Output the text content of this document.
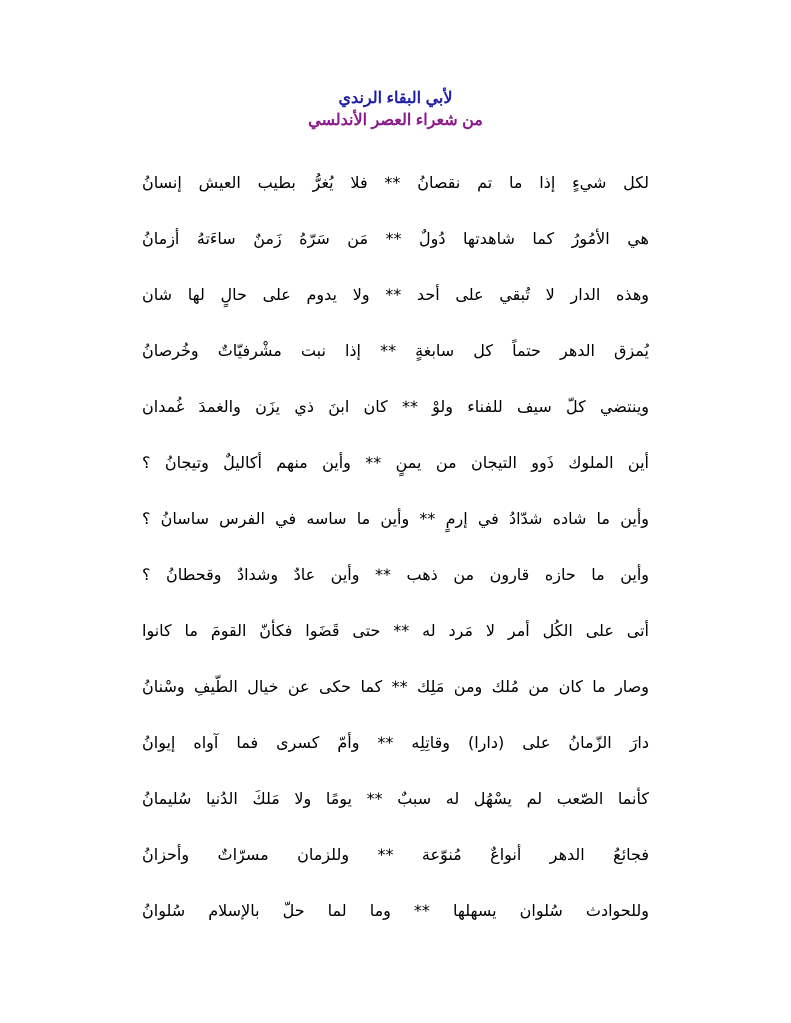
لأبي البقاء الرندي

من شعراء العصر الأندلسي

لكل شيءٍ إذا ما تم نقصانُ ** فلا يُغرُّ بطيب العيش إنسانُ

هي الأمُورُ كما شاهدتها دُولٌ ** مَن سَرّهُ زَمنٌ ساءَتهُ أزمانُ

وهذه الدار لا تُبقي على أحد ** ولا يدوم على حالٍ لها شان

يُمزق الدهر حتماً كل سابغةٍ ** إذا نبت مشْرفيّاتٌ وخُرصانُ

وينتضي كلّ سيف للفناء ولوْ ** كان ابنَ ذي يزَن والغمدَ غُمدان

أين الملوك ذَوو التيجان من يمنٍ ** وأين منهم أكاليلٌ وتيجانُ ؟

وأين ما شاده شدّادُ في إرمٍ ** وأين ما ساسه في الفرس ساسانُ ؟

وأين ما حازه قارون من ذهب ** وأين عادٌ وشدادٌ وقحطانُ ؟

أتى على الكُل أمر لا مَرد له ** حتى قَضَوا فكأنّ القومَ ما كانوا

وصار ما كان من مُلك ومن مَلِك ** كما حكى عن خيال الطّيفِ وسْنانُ

دارَ الزّمانُ على (دارا) وقاتِلِه ** وأمّ كسرى فما آواه إيوانُ

كأنما الصّعب لم يسْهُل له سببٌ ** يومًا ولا مَلكَ الدُنيا سُليمانُ

فجائعُ الدهر أنواعٌ مُنوّعة ** وللزمان مسرّاتٌ وأحزانُ

وللحوادث سُلوان يسهلها ** وما لما حلّ بالإسلام سُلوانُ
